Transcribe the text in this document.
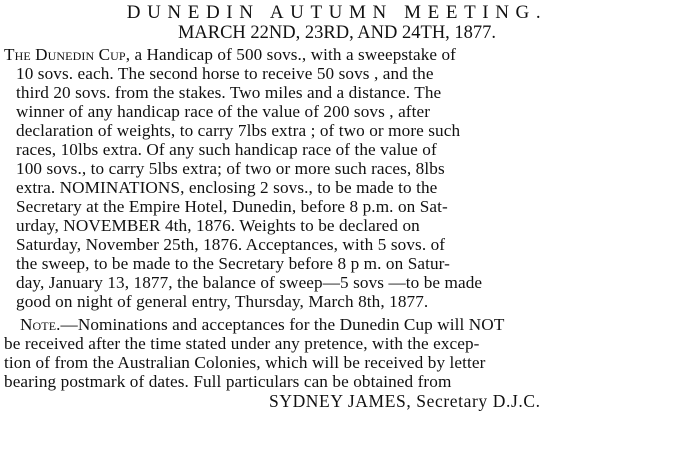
DUNEDIN AUTUMN MEETING.
MARCH 22ND, 23RD, AND 24TH, 1877.
The Dunedin Cup, a Handicap of 500 sovs., with a sweepstake of
10 sovs. each. The second horse to receive 50 sovs , and the
third 20 sovs. from the stakes. Two miles and a distance. The
winner of any handicap race of the value of 200 sovs , after
declaration of weights, to carry 7lbs extra ; of two or more such
races, 10lbs extra. Of any such handicap race of the value of
100 sovs., to carry 5lbs extra; of two or more such races, 8lbs
extra. NOMINATIONS, enclosing 2 sovs., to be made to the
Secretary at the Empire Hotel, Dunedin, before 8 p.m. on Sat-
urday, NOVEMBER 4th, 1876. Weights to be declared on
Saturday, November 25th, 1876. Acceptances, with 5 sovs. of
the sweep, to be made to the Secretary before 8 p m. on Satur-
day, January 13, 1877, the balance of sweep—5 sovs —to be made
good on night of general entry, Thursday, March 8th, 1877.
Note.—Nominations and acceptances for the Dunedin Cup will NOT
be received after the time stated under any pretence, with the excep-
tion of from the Australian Colonies, which will be received by letter
bearing postmark of dates. Full particulars can be obtained from
SYDNEY JAMES, Secretary D.J.C.
